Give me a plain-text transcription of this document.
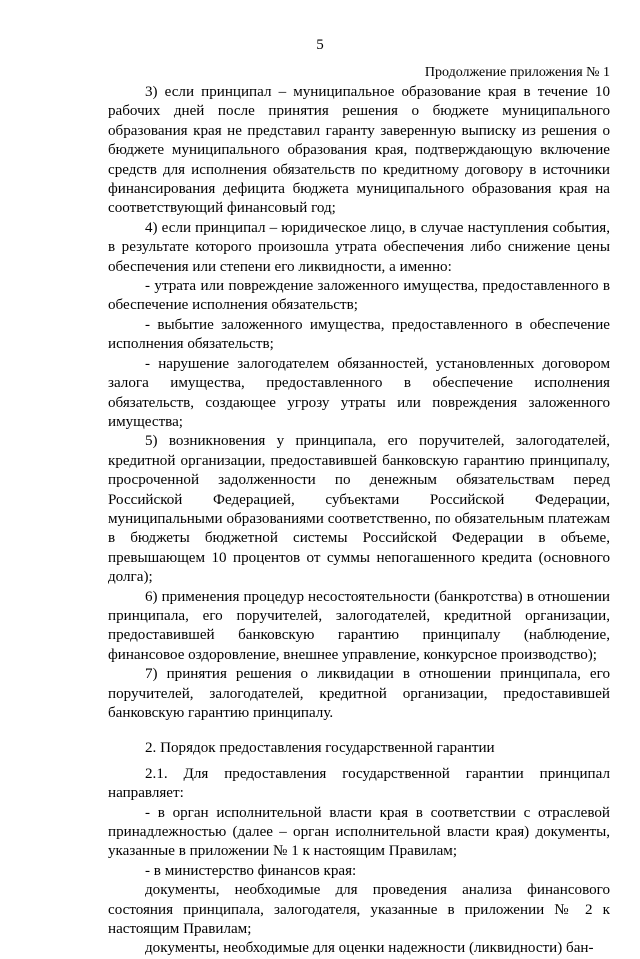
5
Продолжение приложения № 1

3) если принципал – муниципальное образование края в течение 10 рабочих дней после принятия решения о бюджете муниципального образования края не представил гаранту заверенную выписку из решения о бюджете муниципального образования края, подтверждающую включение средств для исполнения обязательств по кредитному договору в источники финансирования дефицита бюджета муниципального образования края на соответствующий финансовый год;

4) если принципал – юридическое лицо, в случае наступления события, в результате которого произошла утрата обеспечения либо снижение цены обеспечения или степени его ликвидности, а именно:

- утрата или повреждение заложенного имущества, предоставленного в обеспечение исполнения обязательств;

- выбытие заложенного имущества, предоставленного в обеспечение исполнения обязательств;

- нарушение залогодателем обязанностей, установленных договором залога имущества, предоставленного в обеспечение исполнения обязательств, создающее угрозу утраты или повреждения заложенного имущества;

5) возникновения у принципала, его поручителей, залогодателей, кредитной организации, предоставившей банковскую гарантию принципалу, просроченной задолженности по денежным обязательствам перед Российской Федерацией, субъектами Российской Федерации, муниципальными образованиями соответственно, по обязательным платежам в бюджеты бюджетной системы Российской Федерации в объеме, превышающем 10 процентов от суммы непогашенного кредита (основного долга);

6) применения процедур несостоятельности (банкротства) в отношении принципала, его поручителей, залогодателей, кредитной организации, предоставившей банковскую гарантию принципалу (наблюдение, финансовое оздоровление, внешнее управление, конкурсное производство);

7) принятия решения о ликвидации в отношении принципала, его поручителей, залогодателей, кредитной организации, предоставившей банковскую гарантию принципалу.

2. Порядок предоставления государственной гарантии

2.1. Для предоставления государственной гарантии принципал

направляет:

- в орган исполнительной власти края в соответствии с отраслевой принадлежностью (далее – орган исполнительной власти края) документы, указанные в приложении № 1 к настоящим Правилам;

- в министерство финансов края:

документы, необходимые для проведения анализа финансового состояния принципала, залогодателя, указанные в приложении № 2 к настоящим Правилам;

документы, необходимые для оценки надежности (ликвидности) бан-
